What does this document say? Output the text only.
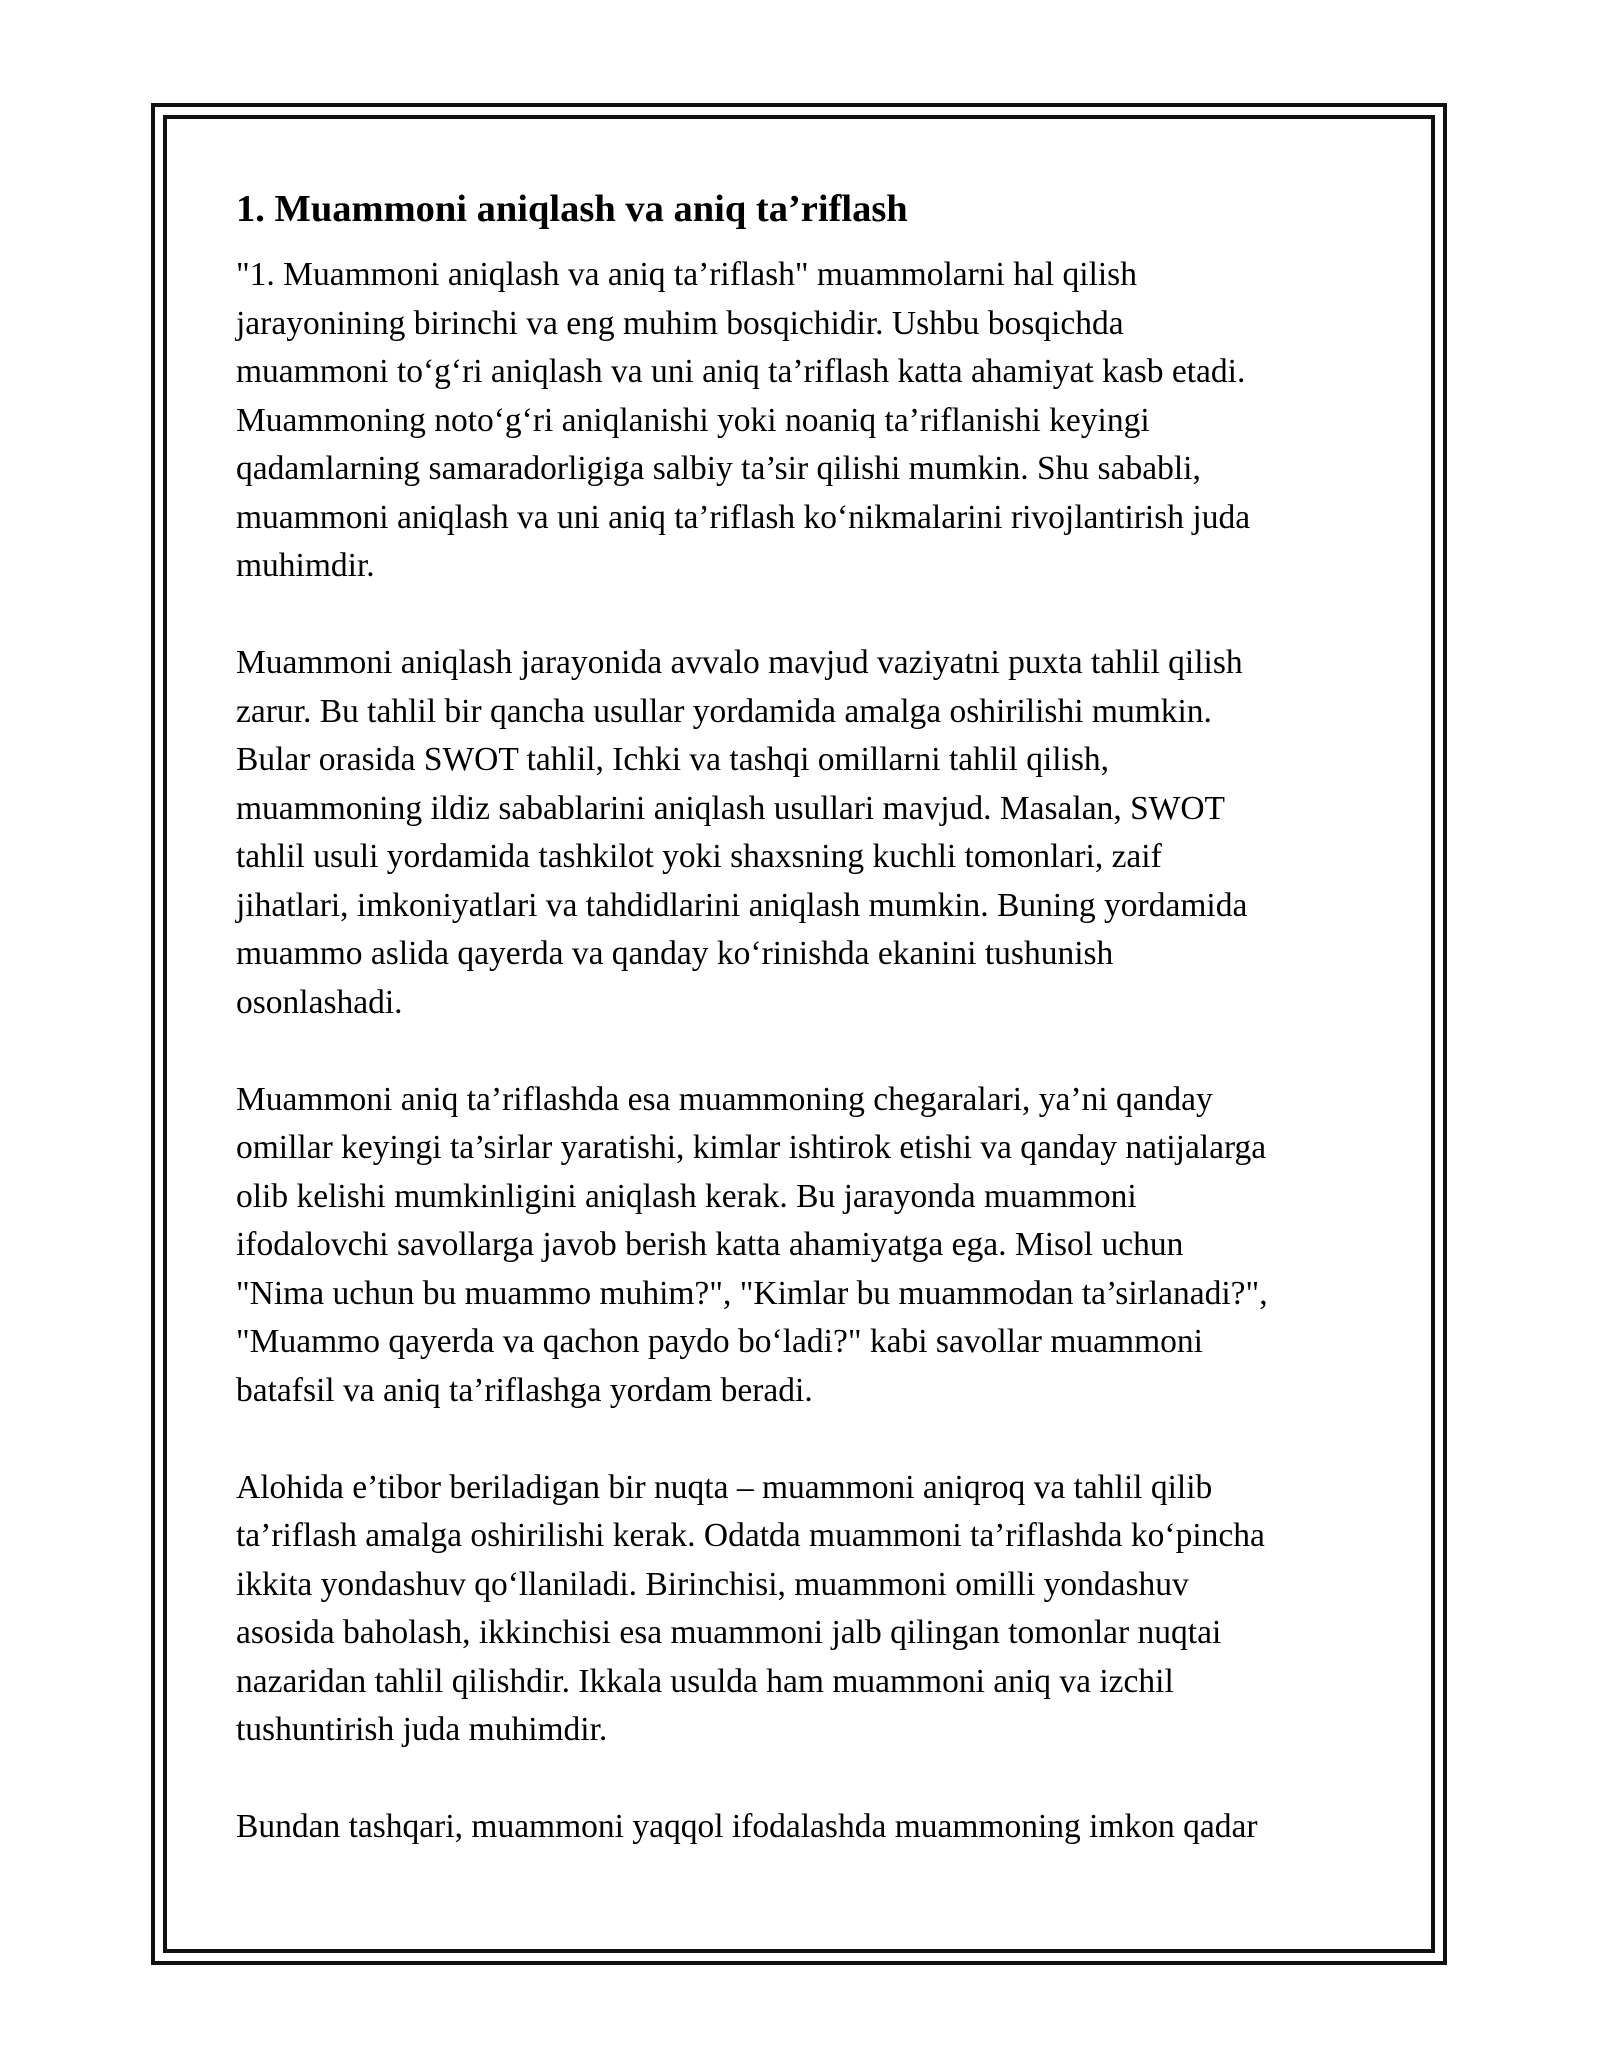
1. Muammoni aniqlash va aniq ta’riflash
"1. Muammoni aniqlash va aniq ta’riflash" muammolarni hal qilish
jarayonining birinchi va eng muhim bosqichidir. Ushbu bosqichda
muammoni to‘g‘ri aniqlash va uni aniq ta’riflash katta ahamiyat kasb etadi.
Muammoning noto‘g‘ri aniqlanishi yoki noaniq ta’riflanishi keyingi
qadamlarning samaradorligiga salbiy ta’sir qilishi mumkin. Shu sababli,
muammoni aniqlash va uni aniq ta’riflash ko‘nikmalarini rivojlantirish juda
muhimdir.
Muammoni aniqlash jarayonida avvalo mavjud vaziyatni puxta tahlil qilish
zarur. Bu tahlil bir qancha usullar yordamida amalga oshirilishi mumkin.
Bular orasida SWOT tahlil, Ichki va tashqi omillarni tahlil qilish,
muammoning ildiz sabablarini aniqlash usullari mavjud. Masalan, SWOT
tahlil usuli yordamida tashkilot yoki shaxsning kuchli tomonlari, zaif
jihatlari, imkoniyatlari va tahdidlarini aniqlash mumkin. Buning yordamida
muammo aslida qayerda va qanday ko‘rinishda ekanini tushunish
osonlashadi.
Muammoni aniq ta’riflashda esa muammoning chegaralari, ya’ni qanday
omillar keyingi ta’sirlar yaratishi, kimlar ishtirok etishi va qanday natijalarga
olib kelishi mumkinligini aniqlash kerak. Bu jarayonda muammoni
ifodalovchi savollarga javob berish katta ahamiyatga ega. Misol uchun
"Nima uchun bu muammo muhim?", "Kimlar bu muammodan ta’sirlanadi?",
"Muammo qayerda va qachon paydo bo‘ladi?" kabi savollar muammoni
batafsil va aniq ta’riflashga yordam beradi.
Alohida e’tibor beriladigan bir nuqta – muammoni aniqroq va tahlil qilib
ta’riflash amalga oshirilishi kerak. Odatda muammoni ta’riflashda ko‘pincha
ikkita yondashuv qo‘llaniladi. Birinchisi, muammoni omilli yondashuv
asosida baholash, ikkinchisi esa muammoni jalb qilingan tomonlar nuqtai
nazaridan tahlil qilishdir. Ikkala usulda ham muammoni aniq va izchil
tushuntirish juda muhimdir.
Bundan tashqari, muammoni yaqqol ifodalashda muammoning imkon qadar
